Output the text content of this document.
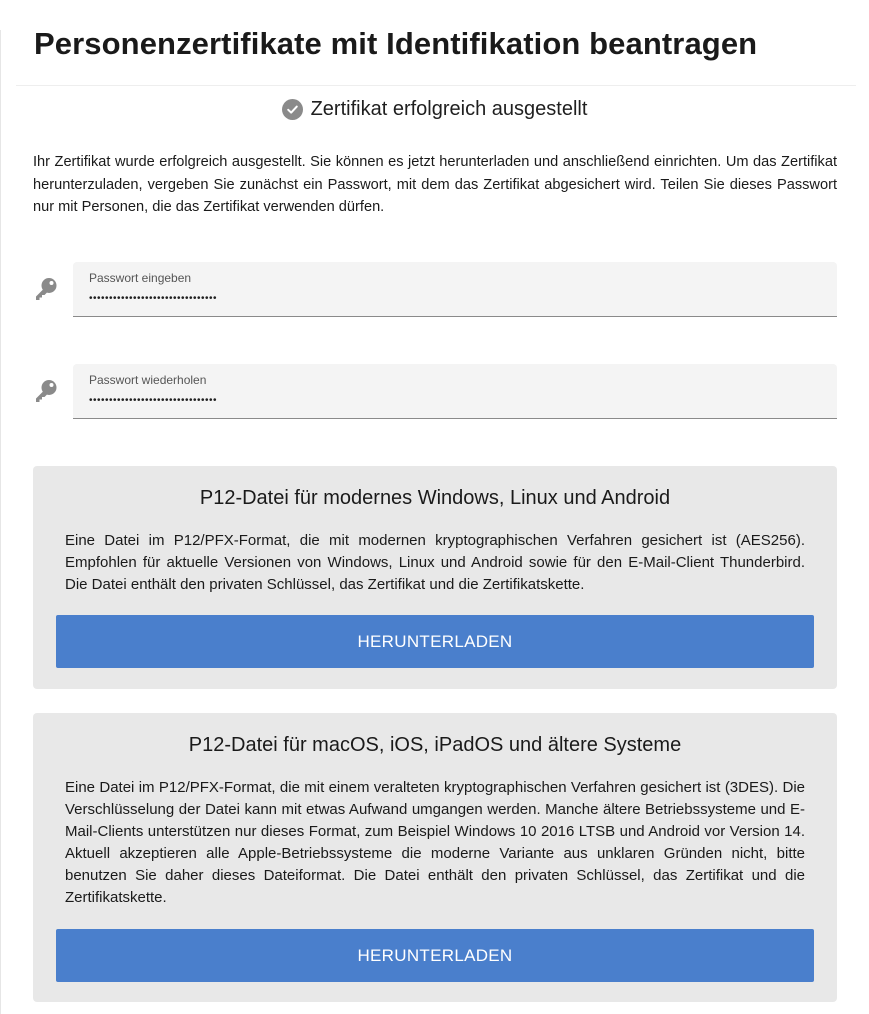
Personenzertifikate mit Identifikation beantragen
Zertifikat erfolgreich ausgestellt

Ihr Zertifikat wurde erfolgreich ausgestellt. Sie können es jetzt herunterladen und anschließend einrichten. Um das Zertifikat herunterzuladen, vergeben Sie zunächst ein Passwort, mit dem das Zertifikat abgesichert wird. Teilen Sie dieses Passwort nur mit Personen, die das Zertifikat verwenden dürfen.

Passwort eingeben
••••••••••••••••••••••••••••••••
Passwort wiederholen
••••••••••••••••••••••••••••••••
P12-Datei für modernes Windows, Linux und Android

Eine Datei im P12/PFX-Format, die mit modernen kryptographischen Verfahren gesichert ist (AES256). Empfohlen für aktuelle Versionen von Windows, Linux und Android sowie für den E-Mail-Client Thunderbird. Die Datei enthält den privaten Schlüssel, das Zertifikat und die Zertifikatskette.

HERUNTERLADEN
P12-Datei für macOS, iOS, iPadOS und ältere Systeme

Eine Datei im P12/PFX-Format, die mit einem veralteten kryptographischen Verfahren gesichert ist (3DES). Die Verschlüsselung der Datei kann mit etwas Aufwand umgangen werden. Manche ältere Betriebssysteme und E-Mail-Clients unterstützen nur dieses Format, zum Beispiel Windows 10 2016 LTSB und Android vor Version 14. Aktuell akzeptieren alle Apple-Betriebssysteme die moderne Variante aus unklaren Gründen nicht, bitte benutzen Sie daher dieses Dateiformat. Die Datei enthält den privaten Schlüssel, das Zertifikat und die Zertifikatskette.

HERUNTERLADEN
